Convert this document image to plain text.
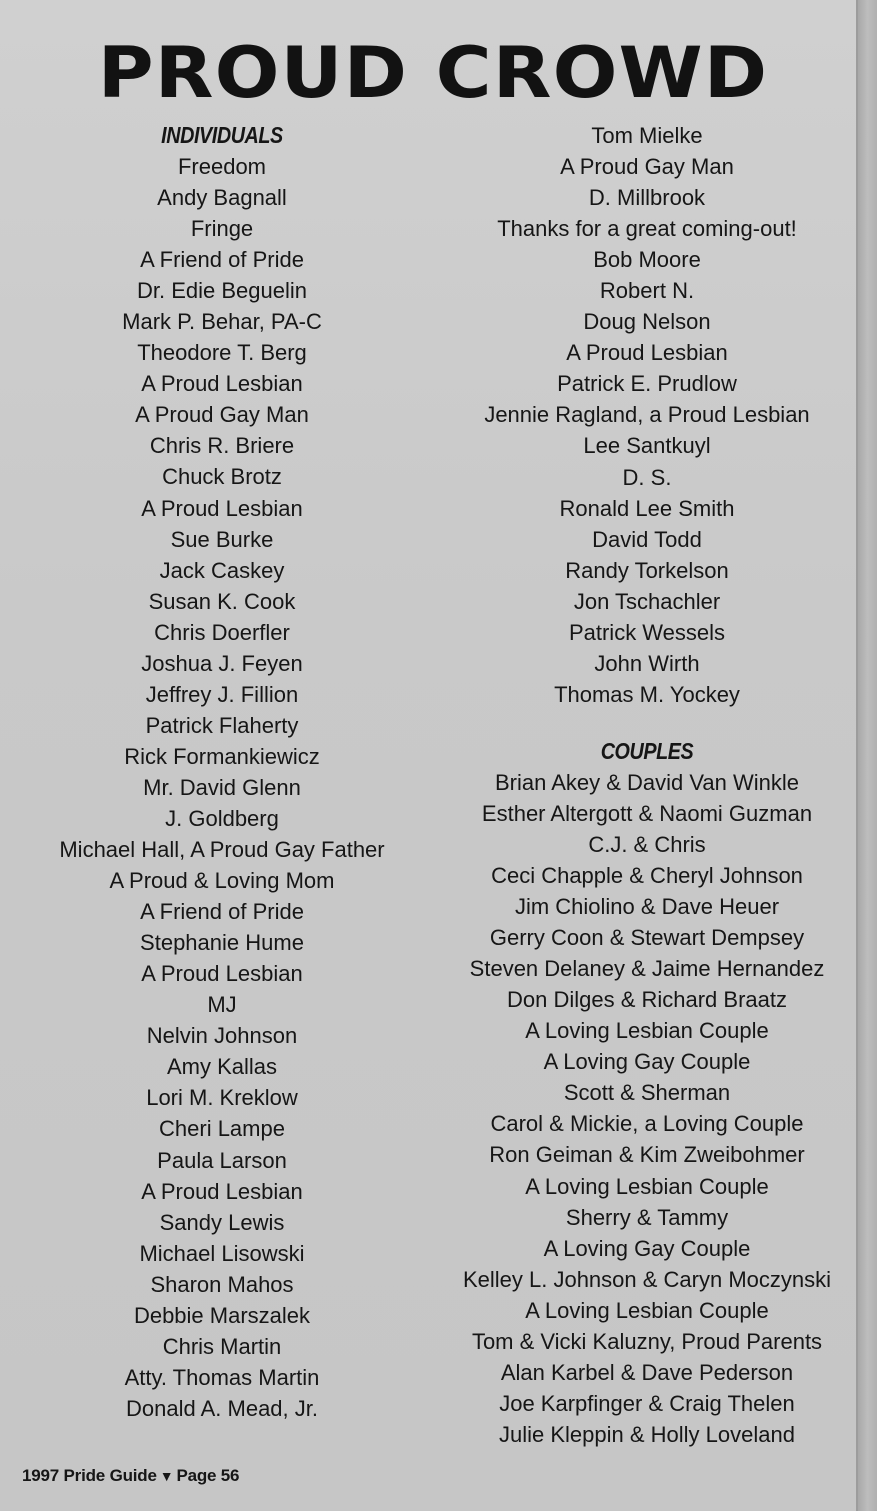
PROUD CROWD
INDIVIDUALS
Freedom
Andy Bagnall
Fringe
A Friend of Pride
Dr. Edie Beguelin
Mark P. Behar, PA-C
Theodore T. Berg
A Proud Lesbian
A Proud Gay Man
Chris R. Briere
Chuck Brotz
A Proud Lesbian
Sue Burke
Jack Caskey
Susan K. Cook
Chris Doerfler
Joshua J. Feyen
Jeffrey J. Fillion
Patrick Flaherty
Rick Formankiewicz
Mr. David Glenn
J. Goldberg
Michael Hall, A Proud Gay Father
A Proud & Loving Mom
A Friend of Pride
Stephanie Hume
A Proud Lesbian
MJ
Nelvin Johnson
Amy Kallas
Lori M. Kreklow
Cheri Lampe
Paula Larson
A Proud Lesbian
Sandy Lewis
Michael Lisowski
Sharon Mahos
Debbie Marszalek
Chris Martin
Atty. Thomas Martin
Donald A. Mead, Jr.
Tom Mielke
A Proud Gay Man
D. Millbrook
Thanks for a great coming-out!
Bob Moore
Robert N.
Doug Nelson
A Proud Lesbian
Patrick E. Prudlow
Jennie Ragland, a Proud Lesbian
Lee Santkuyl
D. S.
Ronald Lee Smith
David Todd
Randy Torkelson
Jon Tschachler
Patrick Wessels
John Wirth
Thomas M. Yockey
COUPLES
Brian Akey & David Van Winkle
Esther Altergott & Naomi Guzman
C.J. & Chris
Ceci Chapple & Cheryl Johnson
Jim Chiolino & Dave Heuer
Gerry Coon & Stewart Dempsey
Steven Delaney & Jaime Hernandez
Don Dilges & Richard Braatz
A Loving Lesbian Couple
A Loving Gay Couple
Scott & Sherman
Carol & Mickie, a Loving Couple
Ron Geiman & Kim Zweibohmer
A Loving Lesbian Couple
Sherry & Tammy
A Loving Gay Couple
Kelley L. Johnson & Caryn Moczynski
A Loving Lesbian Couple
Tom & Vicki Kaluzny, Proud Parents
Alan Karbel & Dave Pederson
Joe Karpfinger & Craig Thelen
Julie Kleppin & Holly Loveland
1997 Pride Guide ▼ Page 56
